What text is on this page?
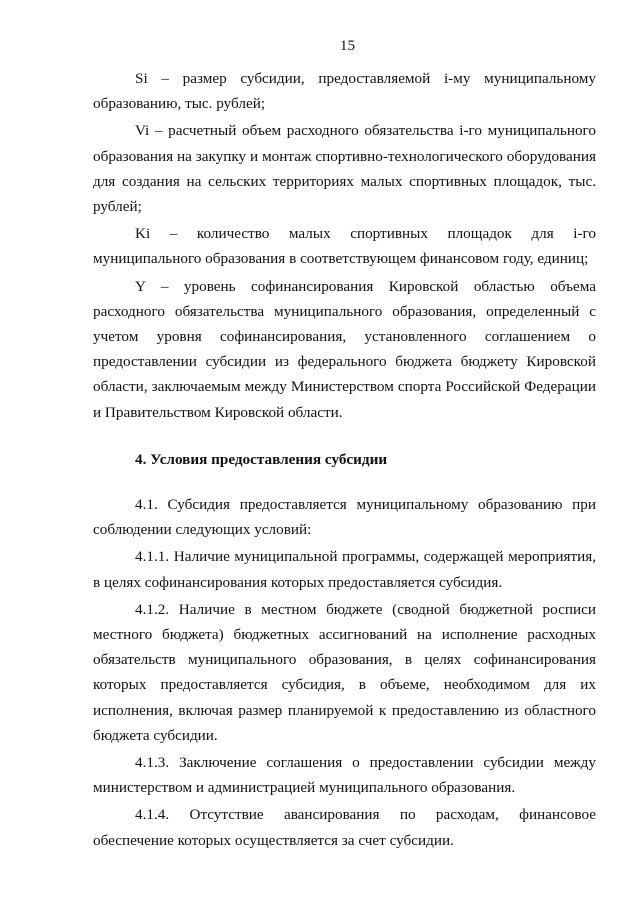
15

Si – размер субсидии, предоставляемой i-му муниципальному образованию, тыс. рублей;

Vi – расчетный объем расходного обязательства i-го муниципального образования на закупку и монтаж спортивно-технологического оборудования для создания на сельских территориях малых спортивных площадок, тыс. рублей;

Ki – количество малых спортивных площадок для i-го муниципального образования в соответствующем финансовом году, единиц;

Y – уровень софинансирования Кировской областью объема расходного обязательства муниципального образования, определенный с учетом уровня софинансирования, установленного соглашением о предоставлении субсидии из федерального бюджета бюджету Кировской области, заключаемым между Министерством спорта Российской Федерации и Правительством Кировской области.

4. Условия предоставления субсидии

4.1. Субсидия предоставляется муниципальному образованию при соблюдении следующих условий:

4.1.1. Наличие муниципальной программы, содержащей мероприятия, в целях софинансирования которых предоставляется субсидия.

4.1.2. Наличие в местном бюджете (сводной бюджетной росписи местного бюджета) бюджетных ассигнований на исполнение расходных обязательств муниципального образования, в целях софинансирования которых предоставляется субсидия, в объеме, необходимом для их исполнения, включая размер планируемой к предоставлению из областного бюджета субсидии.

4.1.3. Заключение соглашения о предоставлении субсидии между министерством и администрацией муниципального образования.

4.1.4. Отсутствие авансирования по расходам, финансовое обеспечение которых осуществляется за счет субсидии.
